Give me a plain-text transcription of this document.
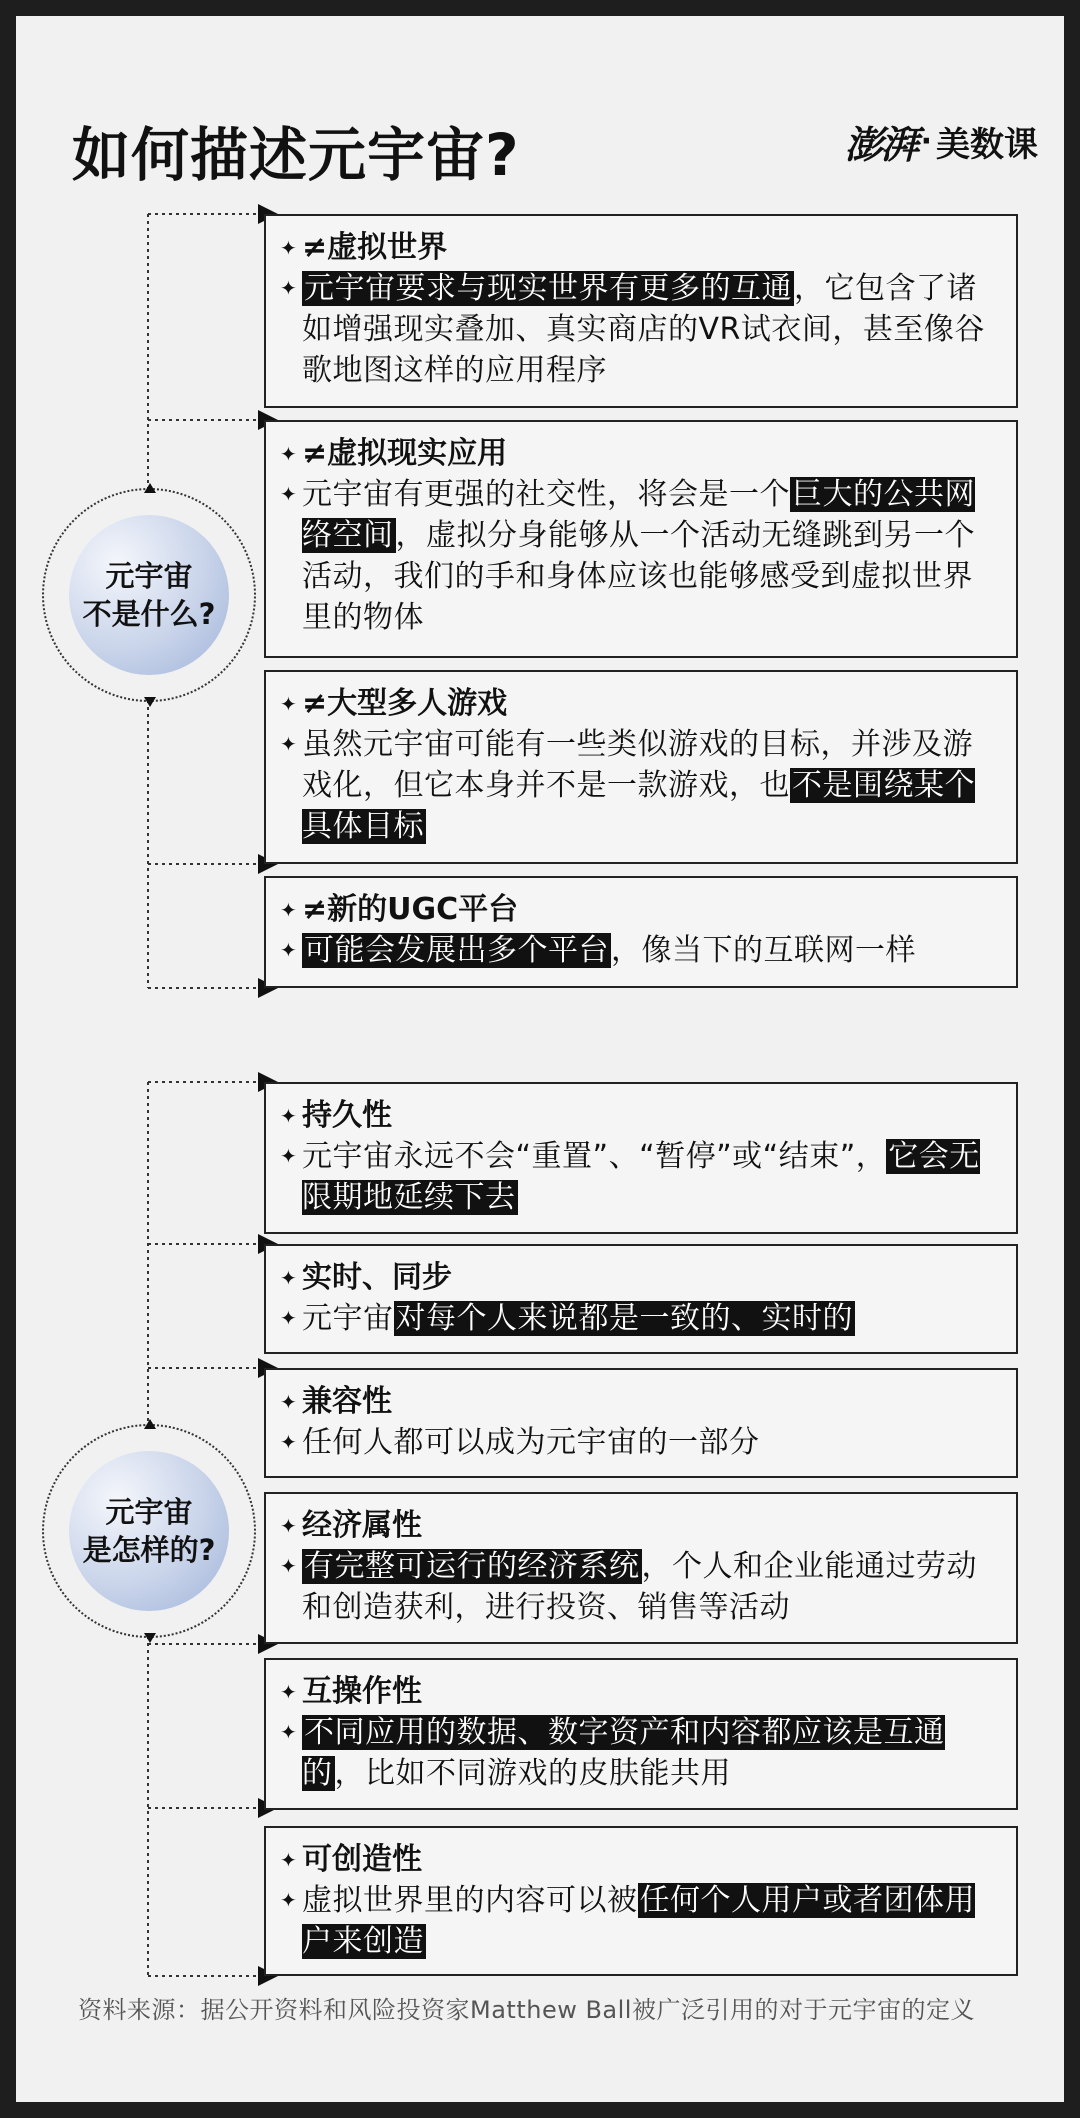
如何描述元宇宙?	澎湃 · 美数课
元宇宙
不是什么?
元宇宙
是怎样的?
✦ ≠虚拟世界
✦ 元宇宙要求与现实世界有更多的互通，它包含了诸如增强现实叠加、真实商店的VR试衣间，甚至像谷歌地图这样的应用程序
✦ ≠虚拟现实应用
✦ 元宇宙有更强的社交性，将会是一个巨大的公共网络空间，虚拟分身能够从一个活动无缝跳到另一个活动，我们的手和身体应该也能够感受到虚拟世界里的物体
✦ ≠大型多人游戏
✦ 虽然元宇宙可能有一些类似游戏的目标，并涉及游戏化，但它本身并不是一款游戏，也不是围绕某个具体目标
✦ ≠新的UGC平台
✦ 可能会发展出多个平台，像当下的互联网一样
✦ 持久性
✦ 元宇宙永远不会“重置”、“暂停”或“结束”，它会无限期地延续下去
✦ 实时、同步
✦ 元宇宙对每个人来说都是一致的、实时的
✦ 兼容性
✦ 任何人都可以成为元宇宙的一部分
✦ 经济属性
✦ 有完整可运行的经济系统，个人和企业能通过劳动和创造获利，进行投资、销售等活动
✦ 互操作性
✦ 不同应用的数据、数字资产和内容都应该是互通的，比如不同游戏的皮肤能共用
✦ 可创造性
✦ 虚拟世界里的内容可以被任何个人用户或者团体用户来创造
资料来源：据公开资料和风险投资家Matthew Ball被广泛引用的对于元宇宙的定义
